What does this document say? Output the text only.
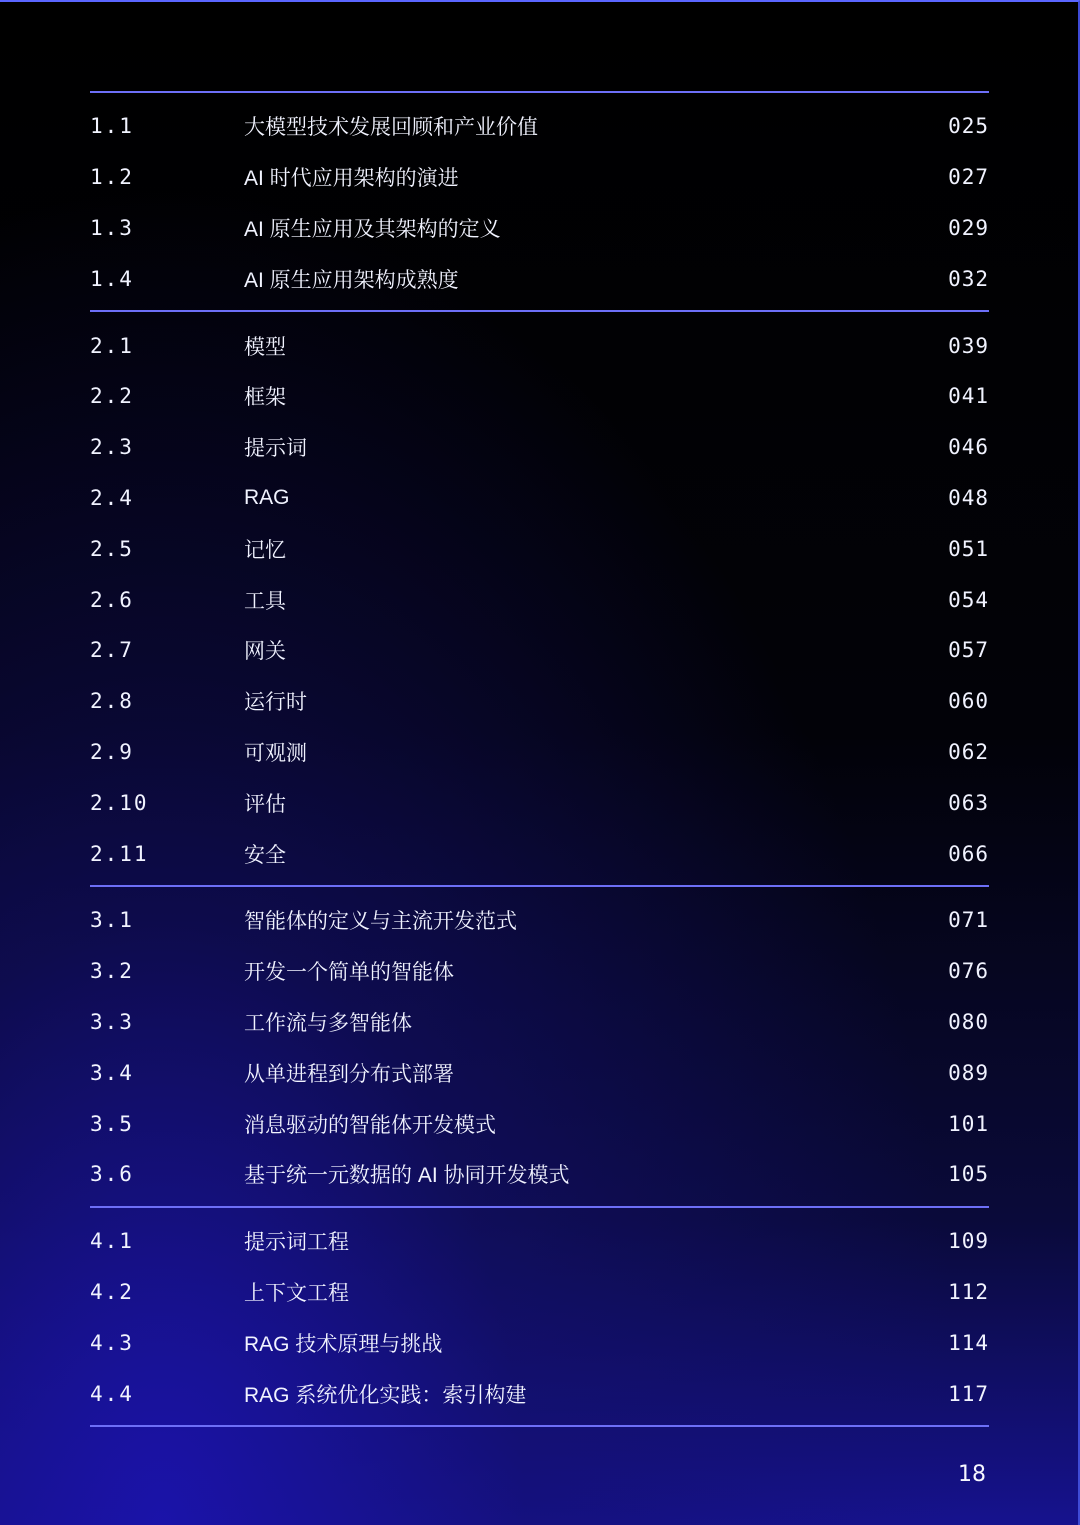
1.1	大模型技术发展回顾和产业价值	025
1.2	AI 时代应用架构的演进	027
1.3	AI 原生应用及其架构的定义	029
1.4	AI 原生应用架构成熟度	032
2.1	模型	039
2.2	框架	041
2.3	提示词	046
2.4	RAG	048
2.5	记忆	051
2.6	工具	054
2.7	网关	057
2.8	运行时	060
2.9	可观测	062
2.10	评估	063
2.11	安全	066
3.1	智能体的定义与主流开发范式	071
3.2	开发一个简单的智能体	076
3.3	工作流与多智能体	080
3.4	从单进程到分布式部署	089
3.5	消息驱动的智能体开发模式	101
3.6	基于统一元数据的 AI 协同开发模式	105
4.1	提示词工程	109
4.2	上下文工程	112
4.3	RAG 技术原理与挑战	114
4.4	RAG 系统优化实践：索引构建	117
18
